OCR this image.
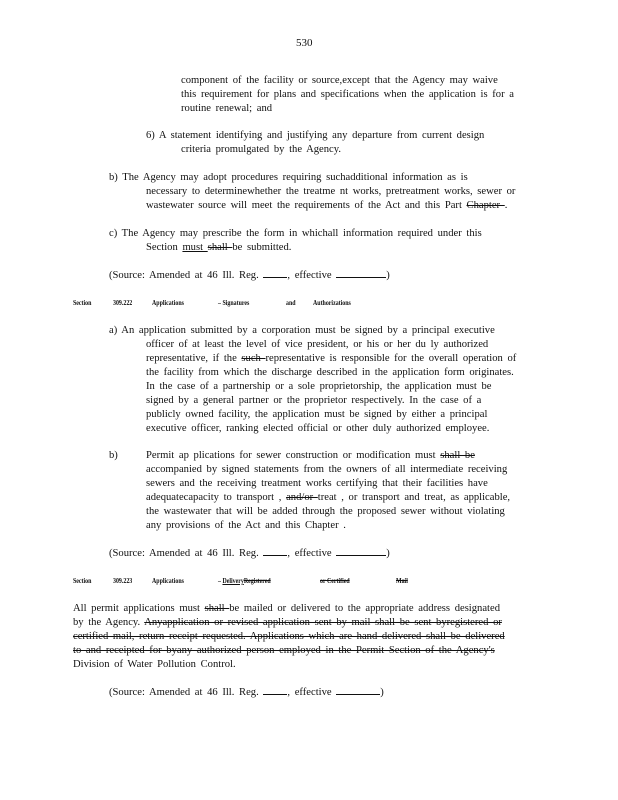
530
component of the facility or source,except that the Agency may waive
this requirement for plans and specifications when the application is for a
routine renewal; and
6) A statement identifying and justifying any departure from current design
criteria promulgated by the Agency.
b) The Agency may adopt procedures requiring suchadditional information as is
necessary to determinewhether the treatme nt works, pretreatment works, sewer or
wastewater source will meet the requirements of the Act and this Part Chapter .
c) The Agency may prescribe the form in whichall information required under this
Section must shall be submitted.
(Source: Amended at 46 Ill. Reg.	, effective	)
Section	309.222	Applications	– Signatures	and Authorizations
a) An application submitted by a corporation must be signed by a principal executive
officer of at least the level of vice president, or his or her du ly authorized
representative, if the such representative is responsible for the overall operation of
the facility from which the discharge described in the application form originates.
In the case of a partnership or a sole proprietorship, the application must be
signed by a general partner or the proprietor respectively. In the case of a
publicly owned facility, the application must be signed by either a principal
executive officer, ranking elected official or other duly authorized employee.
b)	Permit ap plications for sewer construction or modification must shall be
accompanied by signed statements from the owners of all intermediate receiving
sewers and the receiving treatment works certifying that their facilities have
adequatecapacity to transport , and/or treat , or transport and treat, as applicable,
the wastewater that will be added through the proposed sewer without violating
any provisions of the Act and this Chapter .
(Source: Amended at 46 Ill. Reg.	, effective	)
Section	309.223	Applications	– DeliveryRegistered	or Certified	Mail
All permit applications must shall be mailed or delivered to the appropriate address designated
by the Agency. Anyapplication or revised application sent by mail shall be sent byregistered or
certified mail, return receipt requested. Applications which are hand delivered shall be delivered
to and receipted for byany authorized person employed in the Permit Section of the Agency's
Division of Water Pollution Control.
(Source: Amended at 46 Ill. Reg.	, effective	)
